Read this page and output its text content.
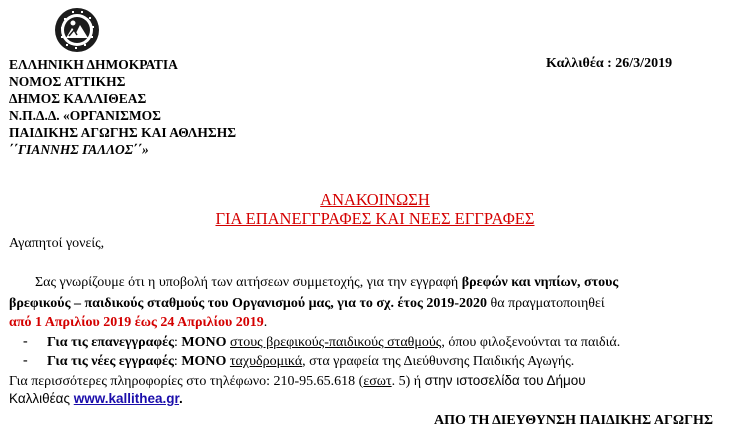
ΕΛΛΗΝΙΚΗ ΔΗΜΟΚΡΑΤΙΑ
ΝΟΜΟΣ ΑΤΤΙΚΗΣ
ΔΗΜΟΣ ΚΑΛΛΙΘΕΑΣ
Ν.Π.Δ.Δ. «ΟΡΓΑΝΙΣΜΟΣ
ΠΑΙΔΙΚΗΣ ΑΓΩΓΗΣ ΚΑΙ ΑΘΛΗΣΗΣ
΄΄ΓΙΑΝΝΗΣ ΓΑΛΛΟΣ΄΄»
Καλλιθέα : 26/3/2019
ΑΝΑΚΟΙΝΩΣΗ
ΓΙΑ ΕΠΑΝΕΓΓΡΑΦΕΣ ΚΑΙ ΝΕΕΣ ΕΓΓΡΑΦΕΣ
Αγαπητοί γονείς,
Σας γνωρίζουμε ότι η υποβολή των αιτήσεων συμμετοχής, για την εγγραφή βρεφών και νηπίων, στους
βρεφικούς – παιδικούς σταθμούς του Οργανισμού μας, για το σχ. έτος 2019-2020 θα πραγματοποιηθεί
από 1 Απριλίου 2019 έως 24 Απριλίου 2019.
- Για τις επανεγγραφές: ΜΟΝΟ στους βρεφικούς-παιδικούς σταθμούς, όπου φιλοξενούνται τα παιδιά.
- Για τις νέες εγγραφές: ΜΟΝΟ ταχυδρομικά, στα γραφεία της Διεύθυνσης Παιδικής Αγωγής.
Για περισσότερες πληροφορίες στο τηλέφωνο: 210-95.65.618 (εσωτ. 5) ή στην ιστοσελίδα του Δήμου
Καλλιθέας www.kallithea.gr.
ΑΠΟ ΤΗ ΔΙΕΥΘΥΝΣΗ ΠΑΙΔΙΚΗΣ ΑΓΩΓΗΣ
